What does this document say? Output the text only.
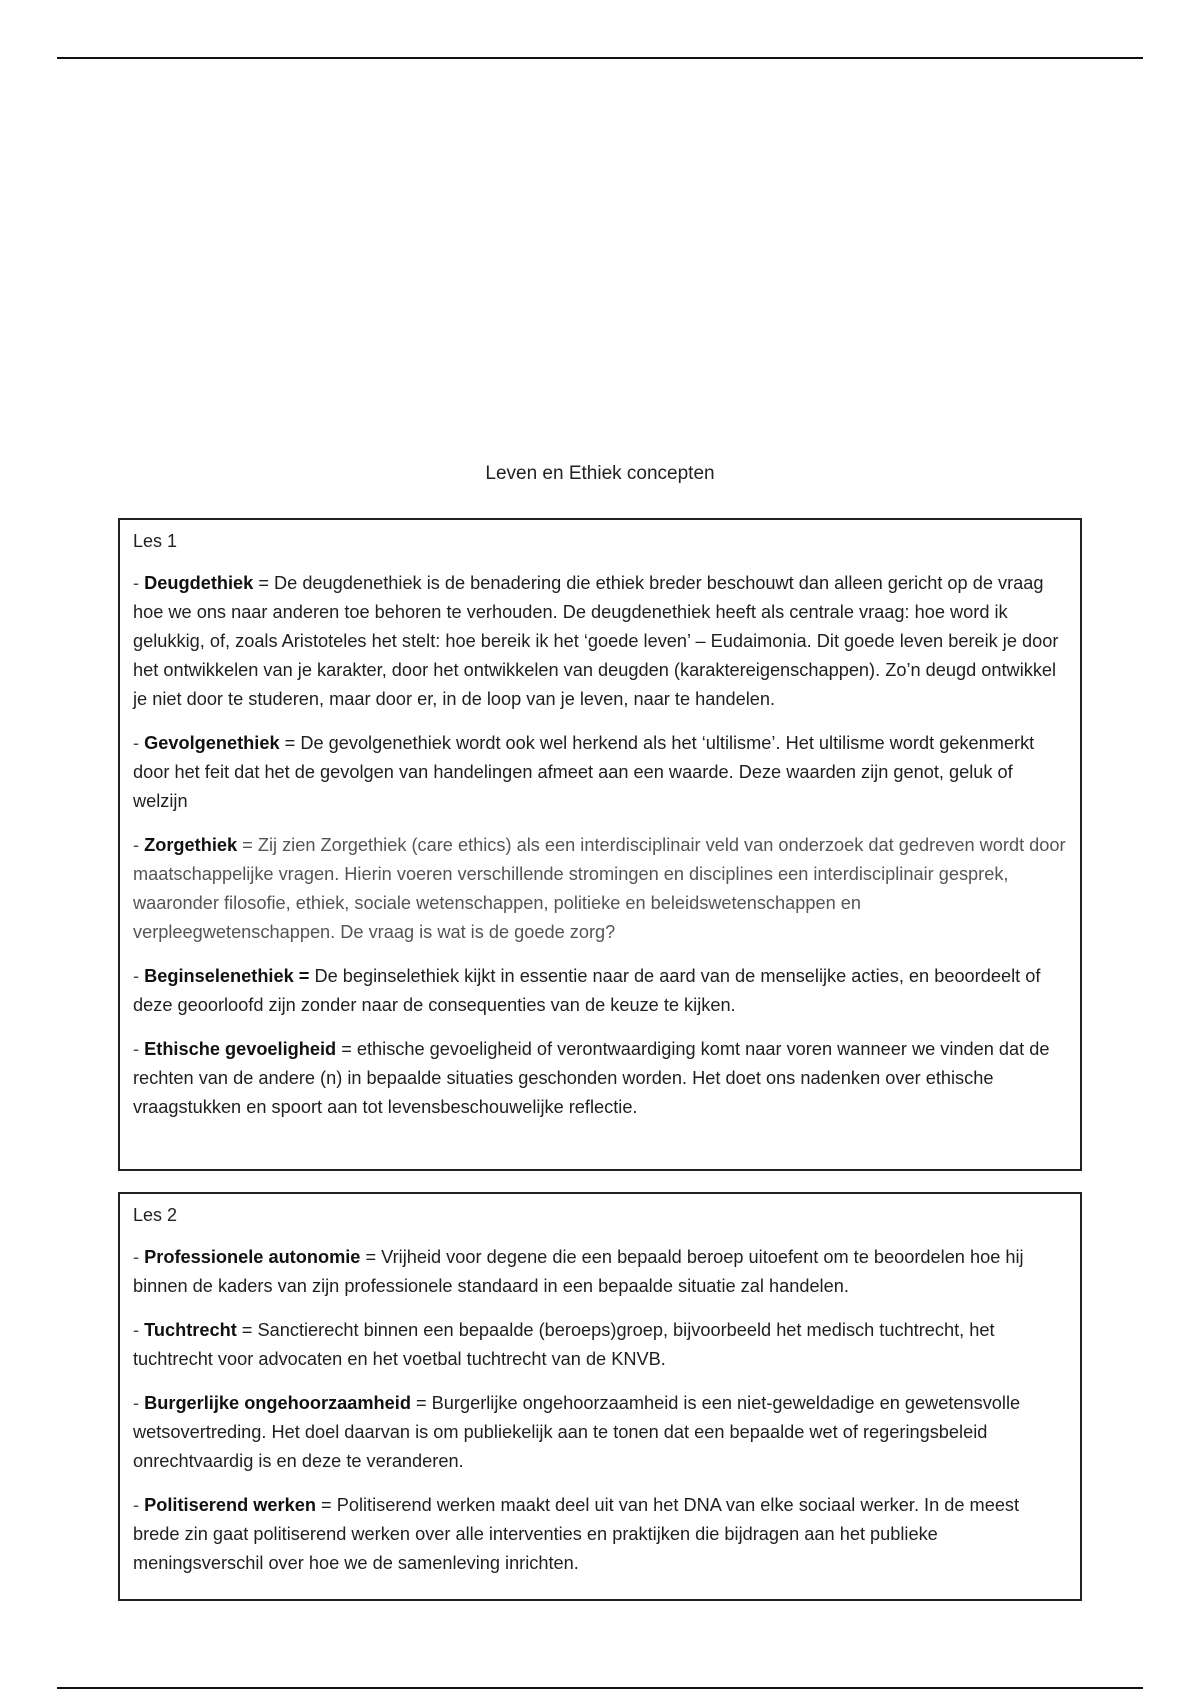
Leven en Ethiek concepten
Les 1

- Deugdethiek = De deugdenethiek is de benadering die ethiek breder beschouwt dan alleen gericht op de vraag hoe we ons naar anderen toe behoren te verhouden. De deugdenethiek heeft als centrale vraag: hoe word ik gelukkig, of, zoals Aristoteles het stelt: hoe bereik ik het ‘goede leven’ – Eudaimonia. Dit goede leven bereik je door het ontwikkelen van je karakter, door het ontwikkelen van deugden (karaktereigenschappen). Zo’n deugd ontwikkel je niet door te studeren, maar door er, in de loop van je leven, naar te handelen.

- Gevolgenethiek = De gevolgenethiek wordt ook wel herkend als het ‘ultilisme’. Het ultilisme wordt gekenmerkt door het feit dat het de gevolgen van handelingen afmeet aan een waarde. Deze waarden zijn genot, geluk of welzijn

- Zorgethiek = Zij zien Zorgethiek (care ethics) als een interdisciplinair veld van onderzoek dat gedreven wordt door maatschappelijke vragen. Hierin voeren verschillende stromingen en disciplines een interdisciplinair gesprek, waaronder filosofie, ethiek, sociale wetenschappen, politieke en beleidswetenschappen en verpleegwetenschappen. De vraag is wat is de goede zorg?

- Beginselenethiek = De beginselethiek kijkt in essentie naar de aard van de menselijke acties, en beoordeelt of deze geoorloofd zijn zonder naar de consequenties van de keuze te kijken.

- Ethische gevoeligheid = ethische gevoeligheid of verontwaardiging komt naar voren wanneer we vinden dat de rechten van de andere (n) in bepaalde situaties geschonden worden. Het doet ons nadenken over ethische vraagstukken en spoort aan tot levensbeschouwelijke reflectie.

Les 2

- Professionele autonomie = Vrijheid voor degene die een bepaald beroep uitoefent om te beoordelen hoe hij binnen de kaders van zijn professionele standaard in een bepaalde situatie zal handelen.

- Tuchtrecht = Sanctierecht binnen een bepaalde (beroeps)groep, bijvoorbeeld het medisch tuchtrecht, het tuchtrecht voor advocaten en het voetbal tuchtrecht van de KNVB.

- Burgerlijke ongehoorzaamheid = Burgerlijke ongehoorzaamheid is een niet-geweldadige en gewetensvolle wetsovertreding. Het doel daarvan is om publiekelijk aan te tonen dat een bepaalde wet of regeringsbeleid onrechtvaardig is en deze te veranderen.

- Politiserend werken = Politiserend werken maakt deel uit van het DNA van elke sociaal werker. In de meest brede zin gaat politiserend werken over alle interventies en praktijken die bijdragen aan het publieke meningsverschil over hoe we de samenleving inrichten.
